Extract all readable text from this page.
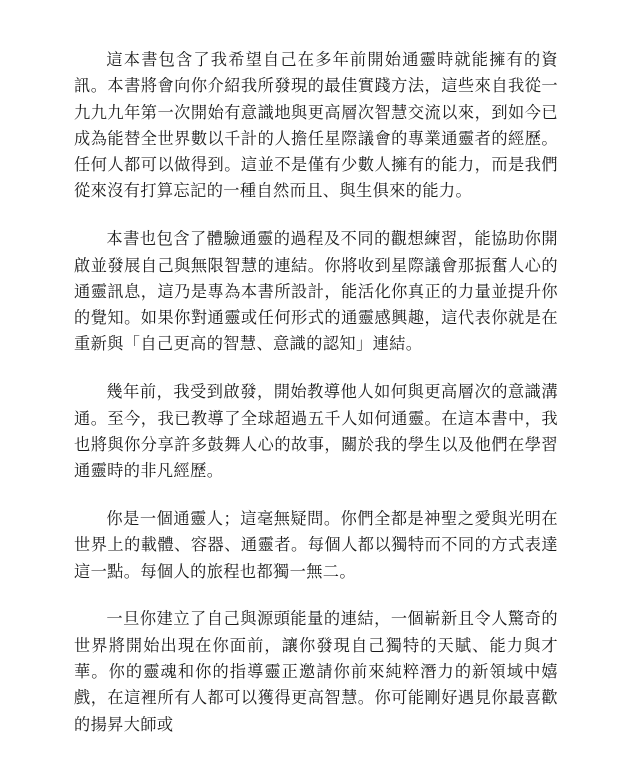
這本書包含了我希望自己在多年前開始通靈時就能擁有的資訊。本書將會向你介紹我所發現的最佳實踐方法，這些來自我從一九九九年第一次開始有意識地與更高層次智慧交流以來，到如今已成為能替全世界數以千計的人擔任星際議會的專業通靈者的經歷。任何人都可以做得到。這並不是僅有少數人擁有的能力，而是我們從來沒有打算忘記的一種自然而且、與生俱來的能力。

本書也包含了體驗通靈的過程及不同的觀想練習，能協助你開啟並發展自己與無限智慧的連結。你將收到星際議會那振奮人心的通靈訊息，這乃是專為本書所設計，能活化你真正的力量並提升你的覺知。如果你對通靈或任何形式的通靈感興趣，這代表你就是在重新與「自己更高的智慧、意識的認知」連結。

幾年前，我受到啟發，開始教導他人如何與更高層次的意識溝通。至今，我已教導了全球超過五千人如何通靈。在這本書中，我也將與你分享許多鼓舞人心的故事，關於我的學生以及他們在學習通靈時的非凡經歷。

你是一個通靈人；這毫無疑問。你們全都是神聖之愛與光明在世界上的載體、容器、通靈者。每個人都以獨特而不同的方式表達這一點。每個人的旅程也都獨一無二。

一旦你建立了自己與源頭能量的連結，一個嶄新且令人驚奇的世界將開始出現在你面前，讓你發現自己獨特的天賦、能力與才華。你的靈魂和你的指導靈正邀請你前來純粹潛力的新領域中嬉戲，在這裡所有人都可以獲得更高智慧。你可能剛好遇見你最喜歡的揚昇大師或
